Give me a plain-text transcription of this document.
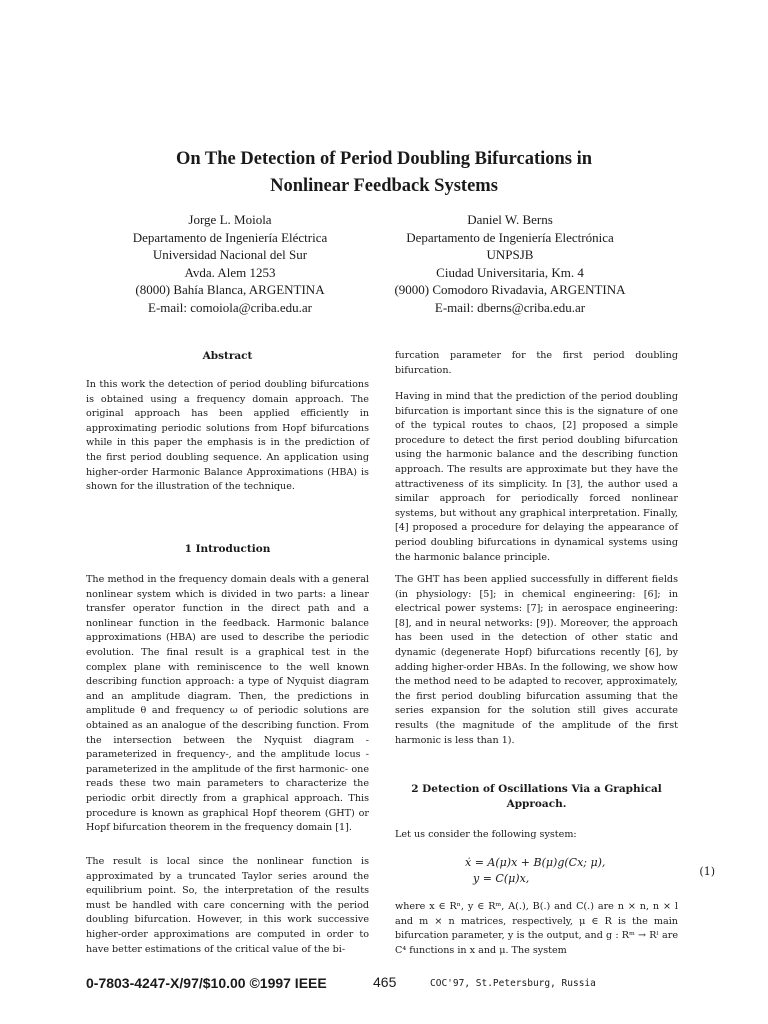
On The Detection of Period Doubling Bifurcations in
Nonlinear Feedback Systems
Jorge L. Moiola
Departamento de Ingeniería Eléctrica
Universidad Nacional del Sur
Avda. Alem 1253
(8000) Bahía Blanca, ARGENTINA
E-mail: comoiola@criba.edu.ar
Daniel W. Berns
Departamento de Ingeniería Electrónica
UNPSJB
Ciudad Universitaria, Km. 4
(9000) Comodoro Rivadavia, ARGENTINA
E-mail: dberns@criba.edu.ar
Abstract

In this work the detection of period doubling bifurcations is obtained using a frequency domain approach. The original approach has been applied efficiently in approximating periodic solutions from Hopf bifurcations while in this paper the emphasis is in the prediction of the first period doubling sequence. An application using higher-order Harmonic Balance Approximations (HBA) is shown for the illustration of the technique.

1 Introduction

The method in the frequency domain deals with a general nonlinear system which is divided in two parts: a linear transfer operator function in the direct path and a nonlinear function in the feedback. Harmonic balance approximations (HBA) are used to describe the periodic evolution. The final result is a graphical test in the complex plane with reminiscence to the well known describing function approach: a type of Nyquist diagram and an amplitude diagram. Then, the predictions in amplitude θ and frequency ω of periodic solutions are obtained as an analogue of the describing function. From the intersection between the Nyquist diagram -parameterized in frequency-, and the amplitude locus -parameterized in the amplitude of the first harmonic- one reads these two main parameters to characterize the periodic orbit directly from a graphical approach. This procedure is known as graphical Hopf theorem (GHT) or Hopf bifurcation theorem in the frequency domain [1].

The result is local since the nonlinear function is approximated by a truncated Taylor series around the equilibrium point. So, the interpretation of the results must be handled with care concerning with the period doubling bifurcation. However, in this work successive higher-order approximations are computed in order to have better estimations of the critical value of the bi-

furcation parameter for the first period doubling bifurcation.

Having in mind that the prediction of the period doubling bifurcation is important since this is the signature of one of the typical routes to chaos, [2] proposed a simple procedure to detect the first period doubling bifurcation using the harmonic balance and the describing function approach. The results are approximate but they have the attractiveness of its simplicity. In [3], the author used a similar approach for periodically forced nonlinear systems, but without any graphical interpretation. Finally, [4] proposed a procedure for delaying the appearance of period doubling bifurcations in dynamical systems using the harmonic balance principle.

The GHT has been applied successfully in different fields (in physiology: [5]; in chemical engineering: [6]; in electrical power systems: [7]; in aerospace engineering: [8], and in neural networks: [9]). Moreover, the approach has been used in the detection of other static and dynamic (degenerate Hopf) bifurcations recently [6], by adding higher-order HBAs. In the following, we show how the method need to be adapted to recover, approximately, the first period doubling bifurcation assuming that the series expansion for the solution still gives accurate results (the magnitude of the amplitude of the first harmonic is less than 1).

2 Detection of Oscillations Via a Graphical
Approach.

Let us consider the following system:

ẋ = A(μ)x + B(μ)g(Cx; μ),
y = C(μ)x,
(1)

where x ∈ Rⁿ, y ∈ Rᵐ, A(.), B(.) and C(.) are n × n, n × l and m × n matrices, respectively, μ ∈ R is the main bifurcation parameter, y is the output, and g : Rᵐ → Rˡ are C⁴ functions in x and μ. The system

0-7803-4247-X/97/$10.00 ©1997 IEEE	465	COC'97, St.Petersburg, Russia
